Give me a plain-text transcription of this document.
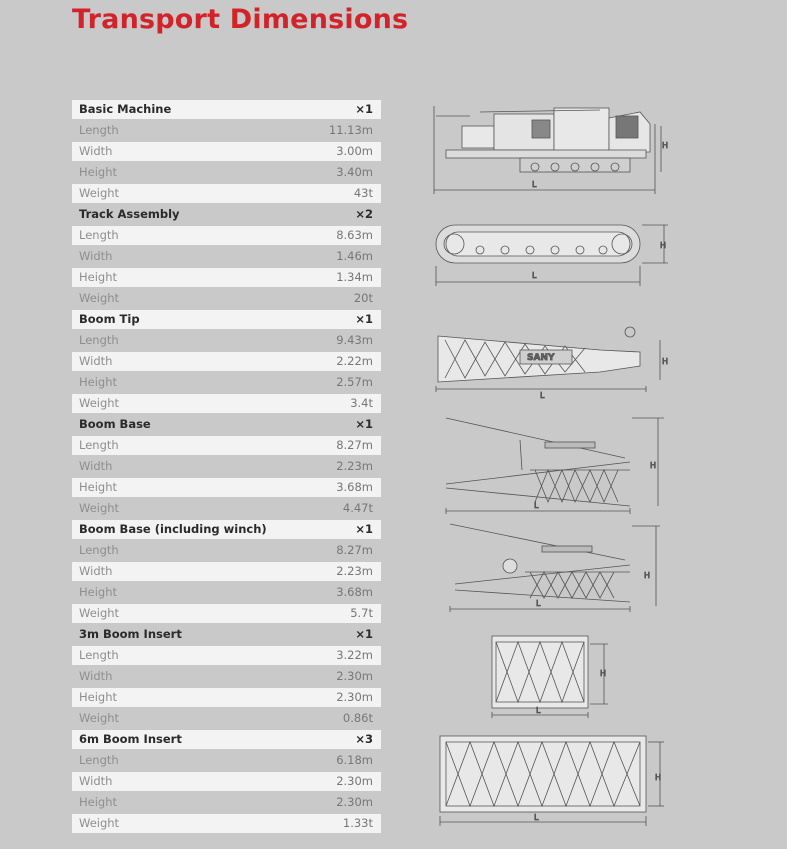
Transport Dimensions
Basic Machine	×1
Length	11.13m
Width	3.00m
Height	3.40m
Weight	43t
Track Assembly	×2
Length	8.63m
Width	1.46m
Height	1.34m
Weight	20t
Boom Tip	×1
Length	9.43m
Width	2.22m
Height	2.57m
Weight	3.4t
Boom Base	×1
Length	8.27m
Width	2.23m
Height	3.68m
Weight	4.47t
Boom Base (including winch)	×1
Length	8.27m
Width	2.23m
Height	3.68m
Weight	5.7t
3m Boom Insert	×1
Length	3.22m
Width	2.30m
Height	2.30m
Weight	0.86t
6m Boom Insert	×3
Length	6.18m
Width	2.30m
Height	2.30m
Weight	1.33t
L
H
L
H
SANY
L
H
L
H
L
H
L
H
L
H
